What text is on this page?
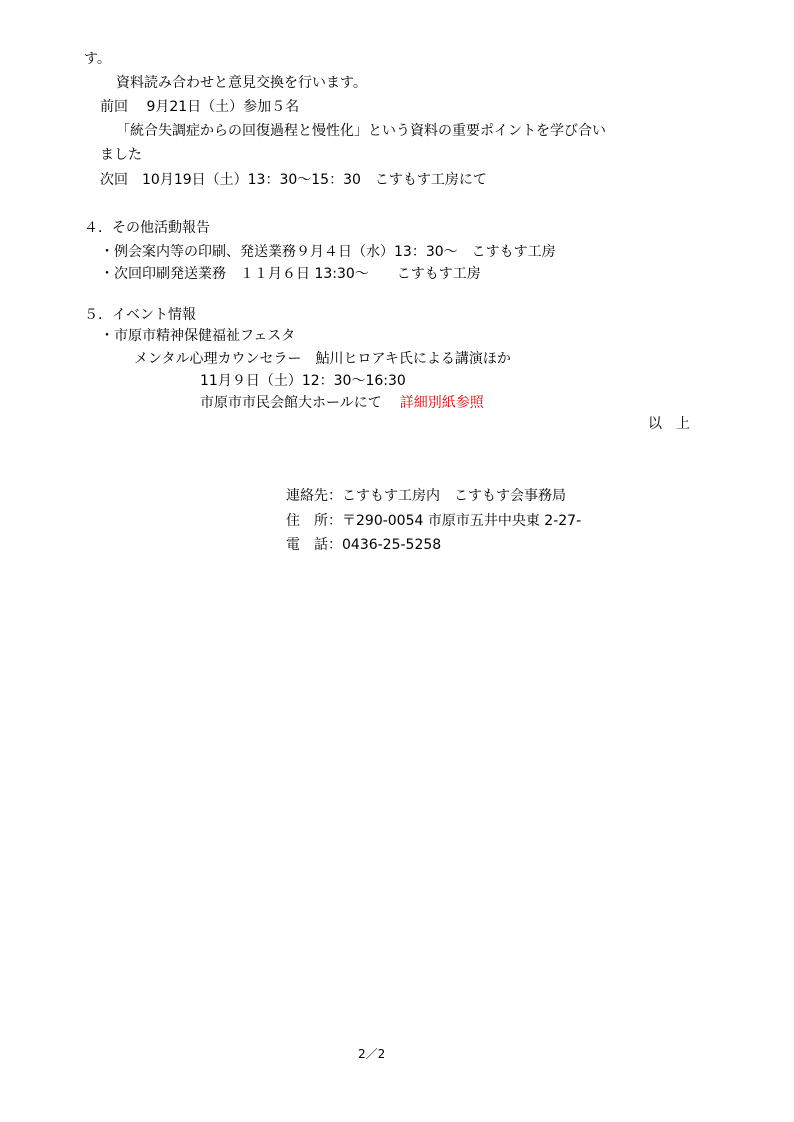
す。
資料読み合わせと意見交換を行います。
前回　 9月21日（土）参加５名
「統合失調症からの回復過程と慢性化」という資料の重要ポイントを学び合い
ました
次回　10月19日（土）13：30～15：30　こすもす工房にて
４．その他活動報告
・例会案内等の印刷、発送業務９月４日（水）13：30～　こすもす工房
・次回印刷発送業務　１１月６日 13:30～　　こすもす工房
５．イベント情報
・市原市精神保健福祉フェスタ
メンタル心理カウンセラー　鮎川ヒロアキ氏による講演ほか
11月９日（土）12：30～16:30
市原市市民会館大ホールにて 詳細別紙参照
以　上
連絡先：こすもす工房内　こすもす会事務局
住　所：〒290-0054 市原市五井中央東 2-27-
電　話：0436-25-5258
2／2
